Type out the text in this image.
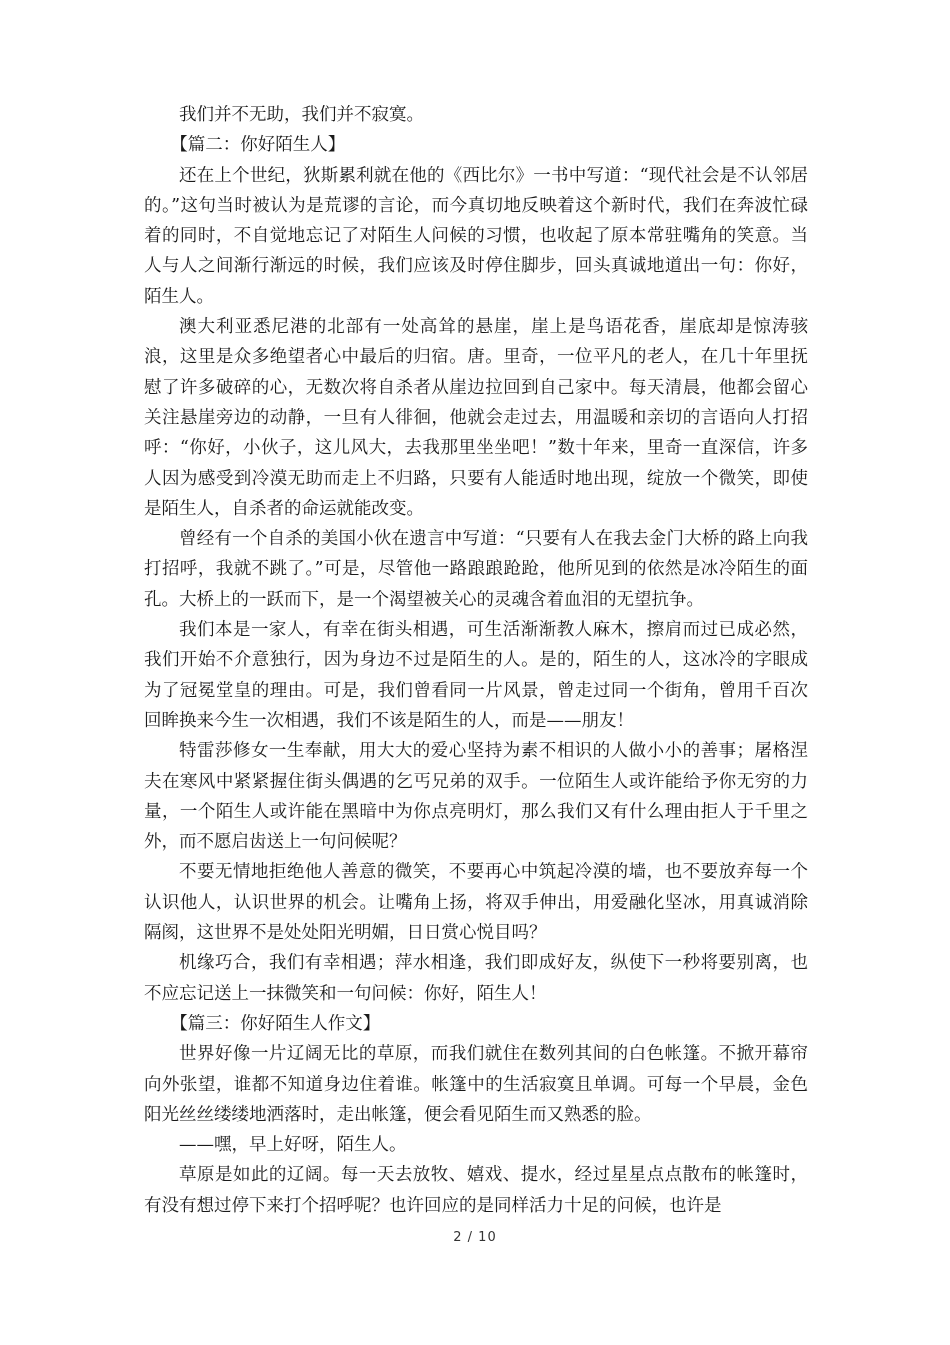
我们并不无助，我们并不寂寞。

【篇二：你好陌生人】

还在上个世纪，狄斯累利就在他的《西比尔》一书中写道：“现代社会是不认邻居的。”这句当时被认为是荒谬的言论，而今真切地反映着这个新时代，我们在奔波忙碌着的同时，不自觉地忘记了对陌生人问候的习惯，也收起了原本常驻嘴角的笑意。当人与人之间渐行渐远的时候，我们应该及时停住脚步，回头真诚地道出一句：你好，陌生人。

澳大利亚悉尼港的北部有一处高耸的悬崖，崖上是鸟语花香，崖底却是惊涛骇浪，这里是众多绝望者心中最后的归宿。唐。里奇，一位平凡的老人，在几十年里抚慰了许多破碎的心，无数次将自杀者从崖边拉回到自己家中。每天清晨，他都会留心关注悬崖旁边的动静，一旦有人徘徊，他就会走过去，用温暖和亲切的言语向人打招呼：“你好，小伙子，这儿风大，去我那里坐坐吧！”数十年来，里奇一直深信，许多人因为感受到冷漠无助而走上不归路，只要有人能适时地出现，绽放一个微笑，即使是陌生人，自杀者的命运就能改变。

曾经有一个自杀的美国小伙在遗言中写道：“只要有人在我去金门大桥的路上向我打招呼，我就不跳了。”可是，尽管他一路踉踉跄跄，他所见到的依然是冰冷陌生的面孔。大桥上的一跃而下，是一个渴望被关心的灵魂含着血泪的无望抗争。

我们本是一家人，有幸在街头相遇，可生活渐渐教人麻木，擦肩而过已成必然，我们开始不介意独行，因为身边不过是陌生的人。是的，陌生的人，这冰冷的字眼成为了冠冕堂皇的理由。可是，我们曾看同一片风景，曾走过同一个街角，曾用千百次回眸换来今生一次相遇，我们不该是陌生的人，而是——朋友！

特雷莎修女一生奉献，用大大的爱心坚持为素不相识的人做小小的善事；屠格涅夫在寒风中紧紧握住街头偶遇的乞丐兄弟的双手。一位陌生人或许能给予你无穷的力量，一个陌生人或许能在黑暗中为你点亮明灯，那么我们又有什么理由拒人于千里之外，而不愿启齿送上一句问候呢？

不要无情地拒绝他人善意的微笑，不要再心中筑起冷漠的墙，也不要放弃每一个认识他人，认识世界的机会。让嘴角上扬，将双手伸出，用爱融化坚冰，用真诚消除隔阂，这世界不是处处阳光明媚，日日赏心悦目吗？

机缘巧合，我们有幸相遇；萍水相逢，我们即成好友，纵使下一秒将要别离，也不应忘记送上一抹微笑和一句问候：你好，陌生人！

【篇三：你好陌生人作文】

世界好像一片辽阔无比的草原，而我们就住在数列其间的白色帐篷。不掀开幕帘向外张望，谁都不知道身边住着谁。帐篷中的生活寂寞且单调。可每一个早晨，金色阳光丝丝缕缕地洒落时，走出帐篷，便会看见陌生而又熟悉的脸。

——嘿，早上好呀，陌生人。

草原是如此的辽阔。每一天去放牧、嬉戏、提水，经过星星点点散布的帐篷时，有没有想过停下来打个招呼呢？也许回应的是同样活力十足的问候，也许是

2 / 10
